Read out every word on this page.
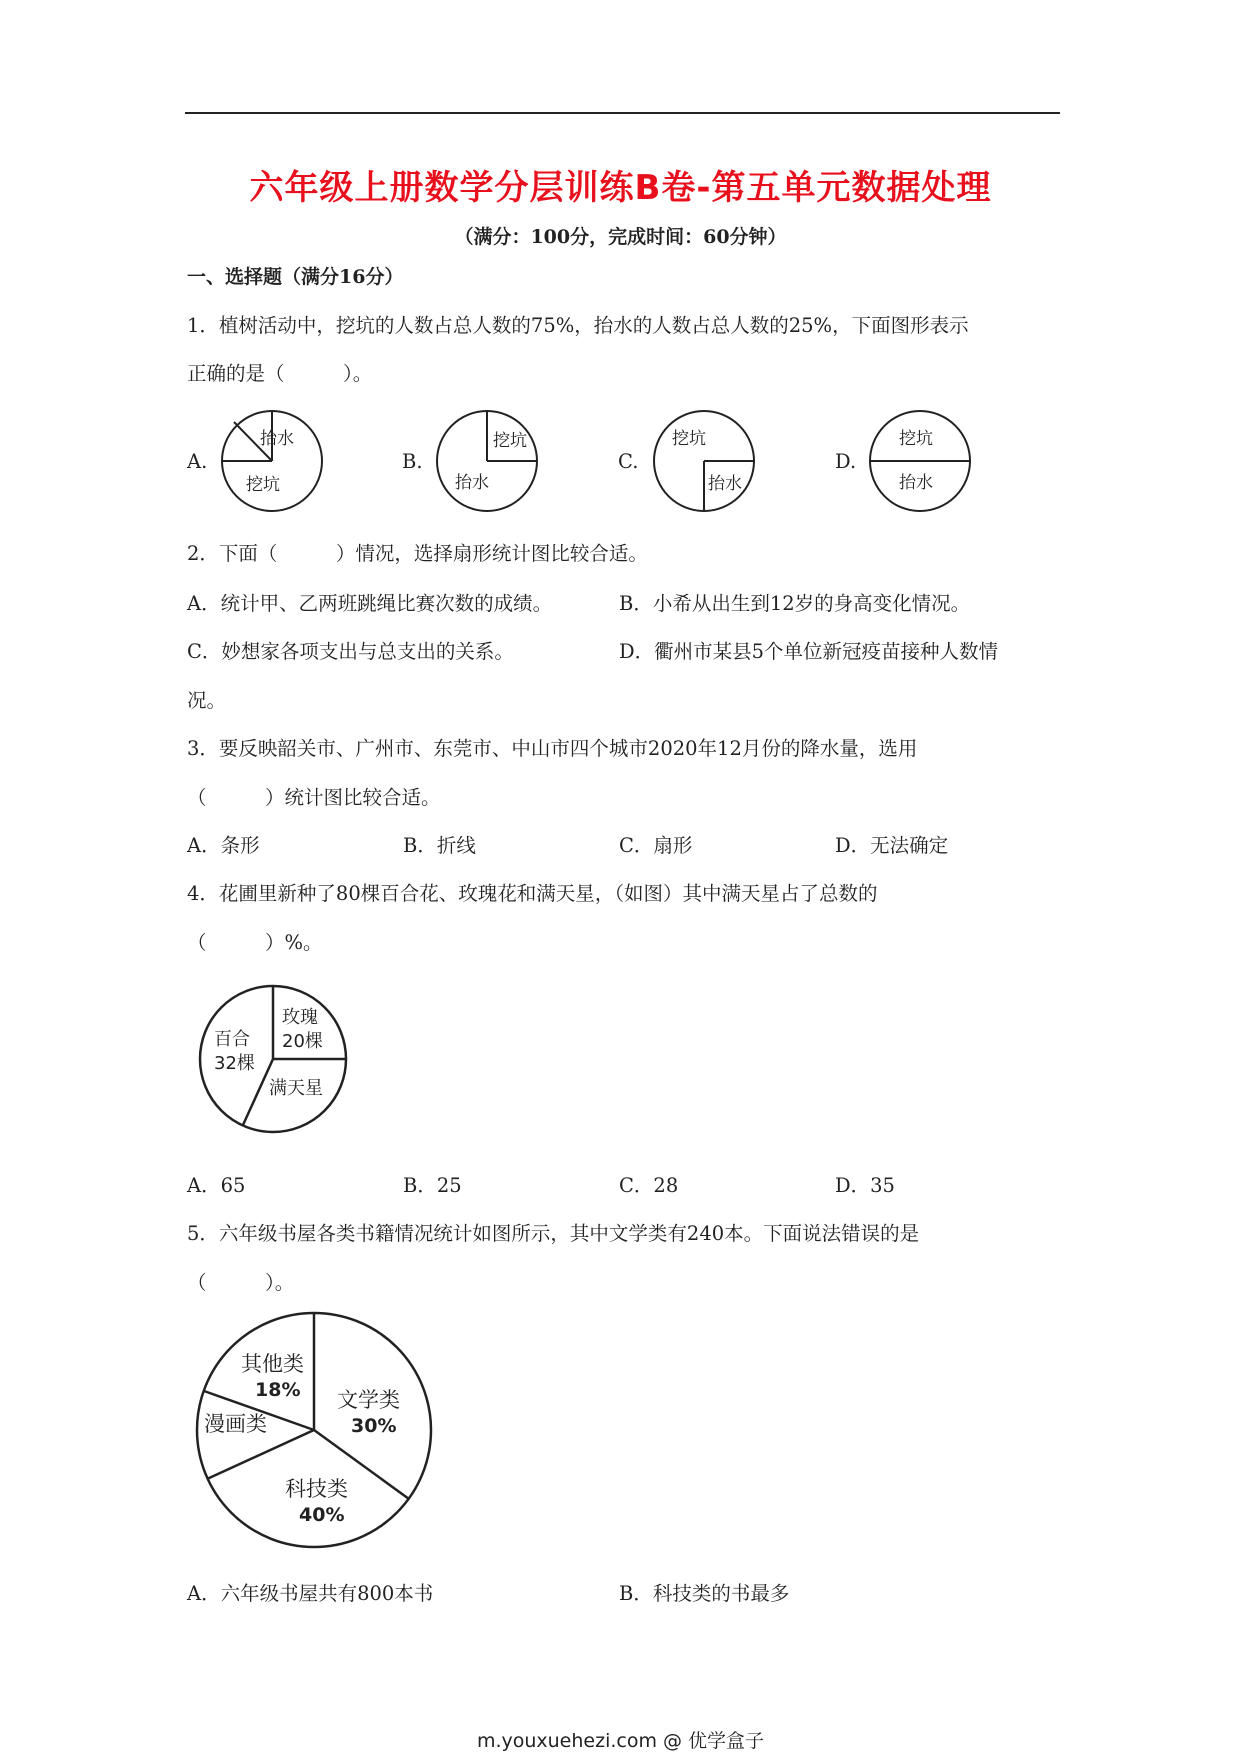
六年级上册数学分层训练B卷-第五单元数据处理
（满分：100分，完成时间：60分钟）
一、选择题（满分16分）
1．植树活动中，挖坑的人数占总人数的75%，抬水的人数占总人数的25%，下面图形表示
正确的是（　　　）。
A.
抬水
挖坑
B.
挖坑
抬水
C.
挖坑
抬水
D.
挖坑
抬水
2．下面（　　　）情况，选择扇形统计图比较合适。
A．统计甲、乙两班跳绳比赛次数的成绩。	B．小希从出生到12岁的身高变化情况。
C．妙想家各项支出与总支出的关系。	D．衢州市某县5个单位新冠疫苗接种人数情
况。
3．要反映韶关市、广州市、东莞市、中山市四个城市2020年12月份的降水量，选用
（　　　）统计图比较合适。
A．条形	B．折线	C．扇形	D．无法确定
4．花圃里新种了80棵百合花、玫瑰花和满天星，（如图）其中满天星占了总数的
（　　　）%。
百合
32棵
玫瑰
20棵
满天星
A．65	B．25	C．28	D．35
5．六年级书屋各类书籍情况统计如图所示，其中文学类有240本。下面说法错误的是
（　　　）。
文学类
30%
科技类
40%
漫画类
其他类
18%
A．六年级书屋共有800本书	B．科技类的书最多
m.youxuehezi.com @ 优学盒子
